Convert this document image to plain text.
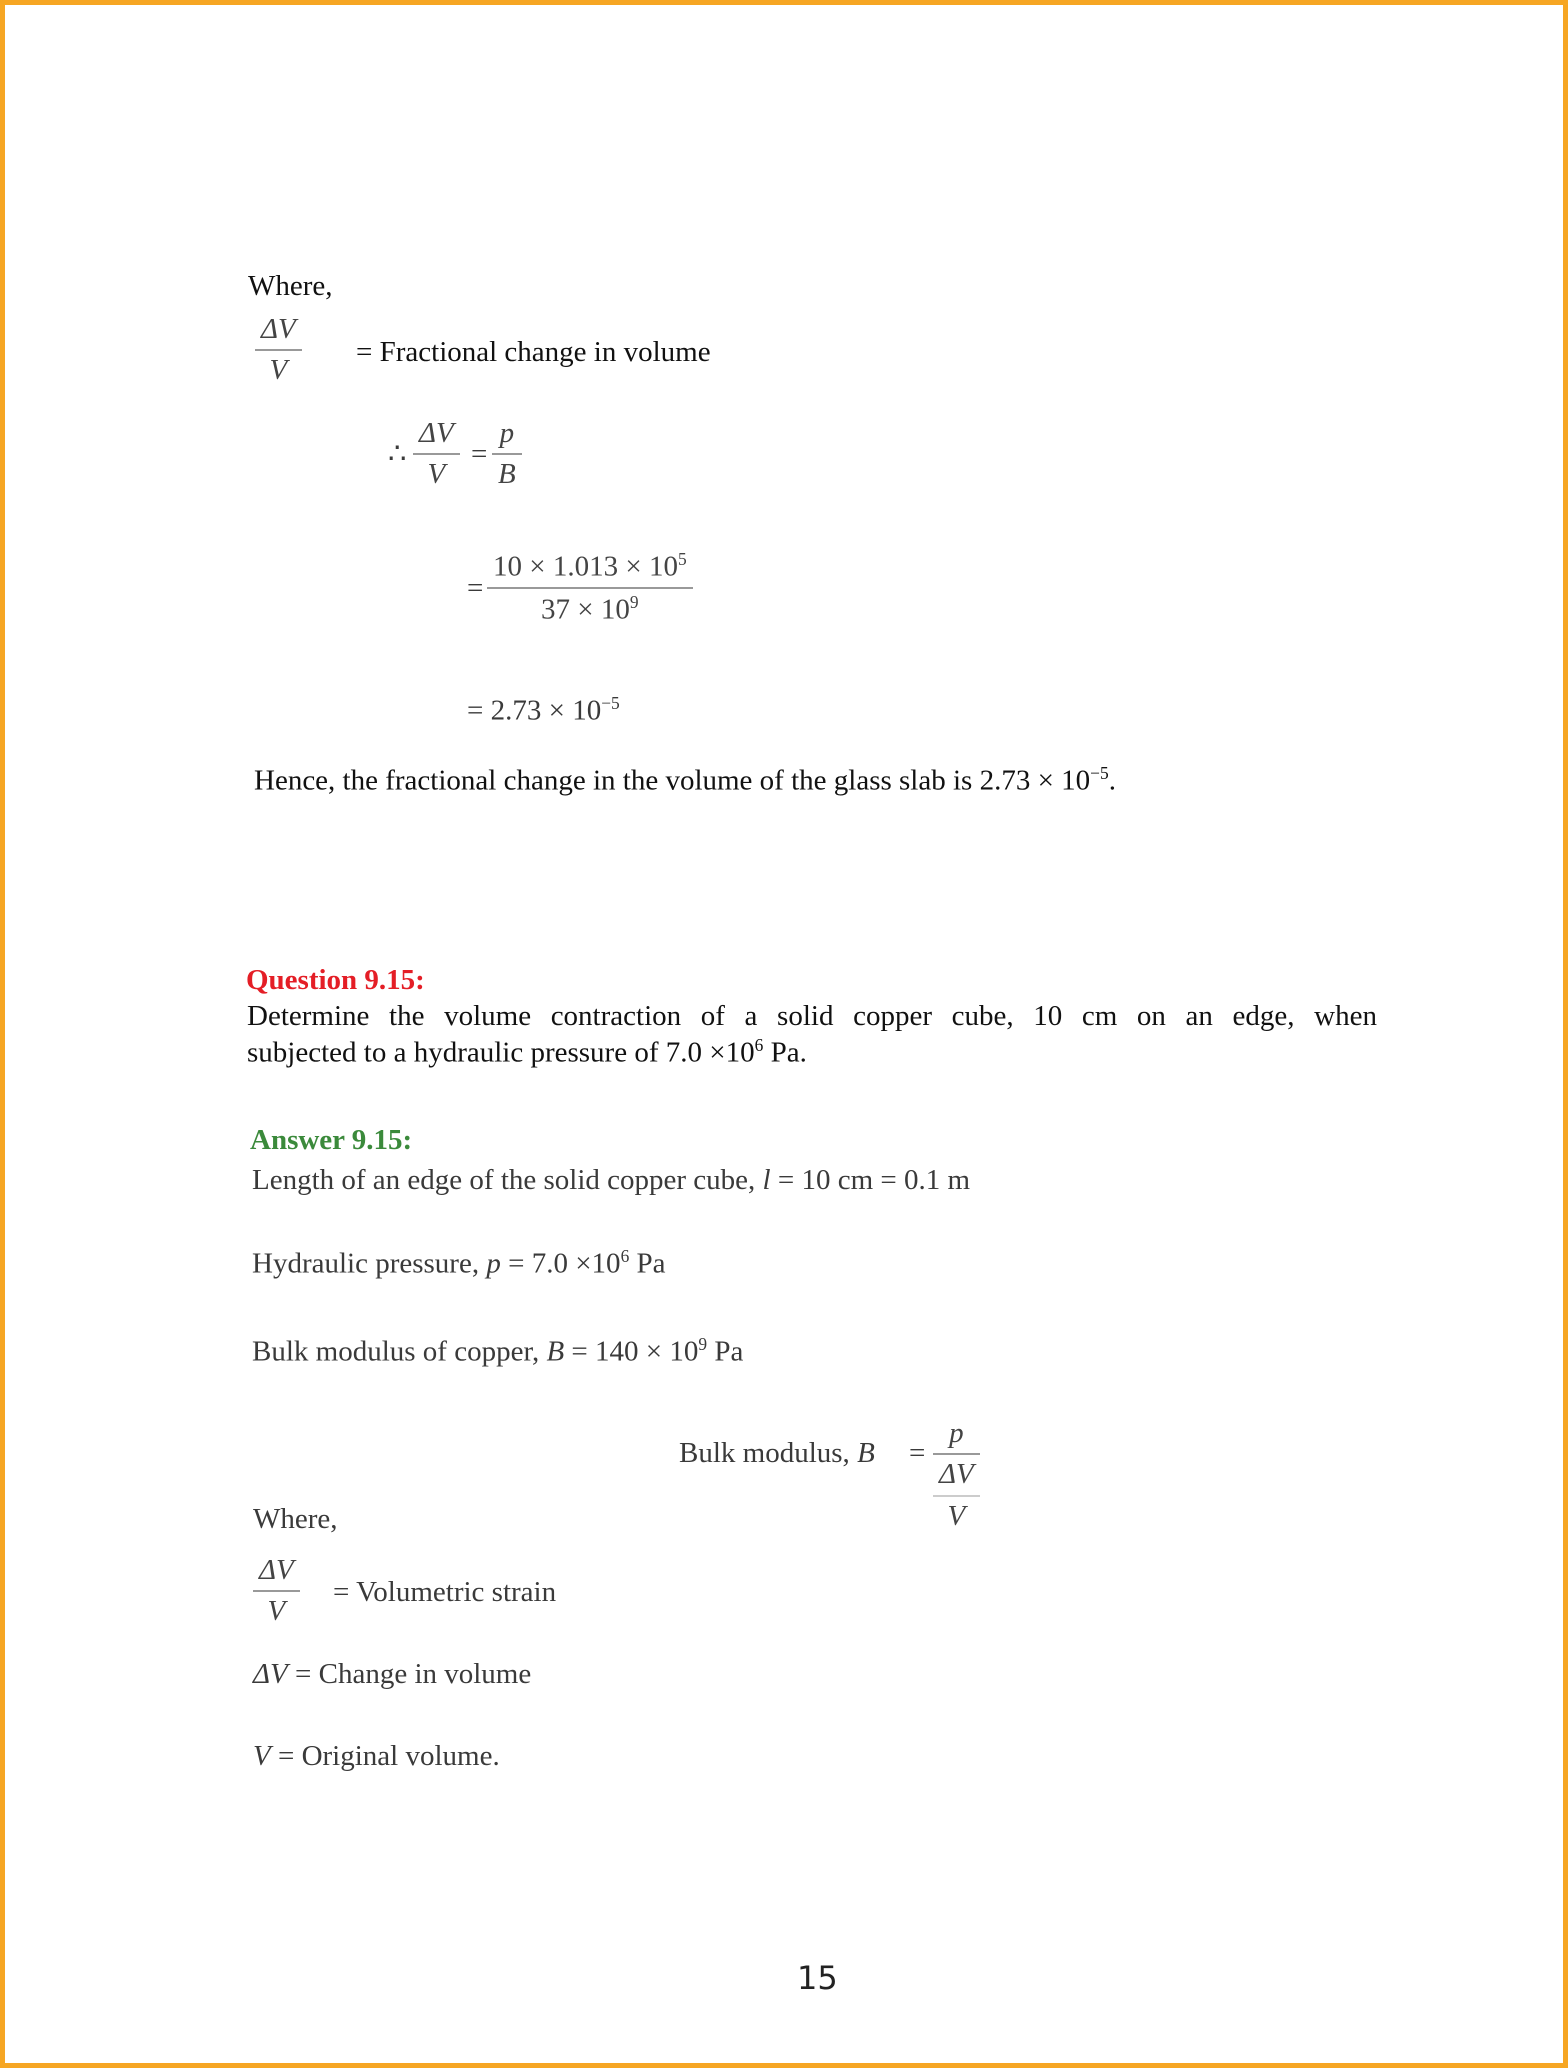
Where,
ΔV
V
= Fractional change in volume
∴
ΔV
V
=
p
B
=
$10 \times 1.013 \times 10^5$
$37 \times 10^9$
= $2.73 \times 10^{-5}$
Hence, the fractional change in the volume of the glass slab is $2.73 \times 10^{-5}$.
Question 9.15:
Determine the volume contraction of a solid copper cube, 10 cm on an edge, when
subjected to a hydraulic pressure of $7.0 \times 10^6$ Pa.
Answer 9.15:
Length of an edge of the solid copper cube, l = 10 cm = 0.1 m
Hydraulic pressure, $p = 7.0 \times 10^6$ Pa
Bulk modulus of copper, $B = 140 \times 10^9$ Pa
Bulk modulus, B =
p
ΔV
V
Where,
ΔV
V
= Volumetric strain
ΔV = Change in volume
V = Original volume.
15
